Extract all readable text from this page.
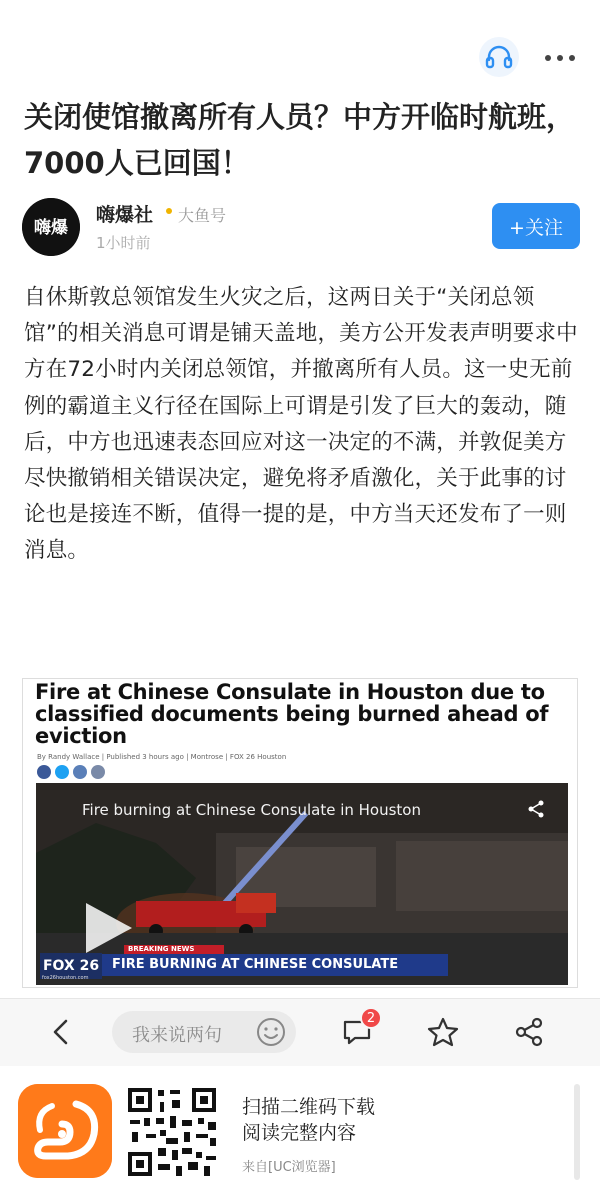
关闭使馆撤离所有人员？中方开临时航班，7000人已回国！
嗨爆
嗨爆社 大鱼号
1小时前
+关注

自休斯敦总领馆发生火灾之后，这两日关于“关闭总领馆”的相关消息可谓是铺天盖地，美方公开发表声明要求中方在72小时内关闭总领馆，并撤离所有人员。这一史无前例的霸道主义行径在国际上可谓是引发了巨大的轰动，随后，中方也迅速表态回应对这一决定的不满，并敦促美方尽快撤销相关错误决定，避免将矛盾激化，关于此事的讨论也是接连不断，值得一提的是，中方当天还发布了一则消息。

Fire at Chinese Consulate in Houston due to classified documents being burned ahead of eviction
By Randy Wallace | Published 3 hours ago | Montrose | FOX 26 Houston
Fire burning at Chinese Consulate in Houston
BREAKING NEWS
FIRE BURNING AT CHINESE CONSULATE
FOX 26
fox26houston.com
我来说两句
2
扫描二维码下载
阅读完整内容
来自[UC浏览器]
